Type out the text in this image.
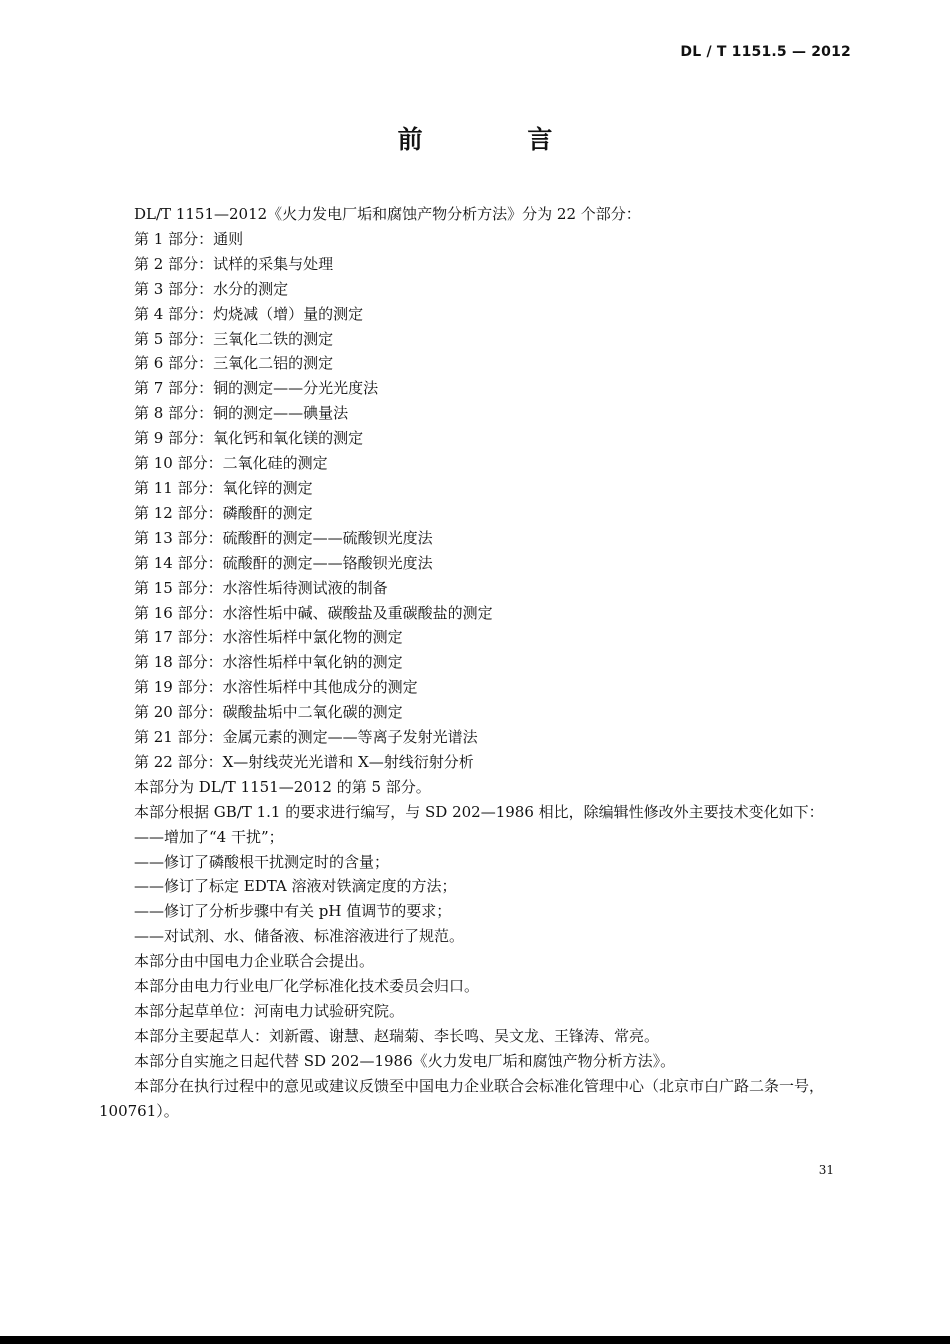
DL / T 1151.5 — 2012
前 言
DL/T 1151—2012《火力发电厂垢和腐蚀产物分析方法》分为 22 个部分：
第 1 部分：通则
第 2 部分：试样的采集与处理
第 3 部分：水分的测定
第 4 部分：灼烧减（增）量的测定
第 5 部分：三氧化二铁的测定
第 6 部分：三氧化二铝的测定
第 7 部分：铜的测定——分光光度法
第 8 部分：铜的测定——碘量法
第 9 部分：氧化钙和氧化镁的测定
第 10 部分：二氧化硅的测定
第 11 部分：氧化锌的测定
第 12 部分：磷酸酐的测定
第 13 部分：硫酸酐的测定——硫酸钡光度法
第 14 部分：硫酸酐的测定——铬酸钡光度法
第 15 部分：水溶性垢待测试液的制备
第 16 部分：水溶性垢中碱、碳酸盐及重碳酸盐的测定
第 17 部分：水溶性垢样中氯化物的测定
第 18 部分：水溶性垢样中氧化钠的测定
第 19 部分：水溶性垢样中其他成分的测定
第 20 部分：碳酸盐垢中二氧化碳的测定
第 21 部分：金属元素的测定——等离子发射光谱法
第 22 部分：X—射线荧光光谱和 X—射线衍射分析
本部分为 DL/T 1151—2012 的第 5 部分。
本部分根据 GB/T 1.1 的要求进行编写，与 SD 202—1986 相比，除编辑性修改外主要技术变化如下：
——增加了“4 干扰”；
——修订了磷酸根干扰测定时的含量；
——修订了标定 EDTA 溶液对铁滴定度的方法；
——修订了分析步骤中有关 pH 值调节的要求；
——对试剂、水、储备液、标准溶液进行了规范。
本部分由中国电力企业联合会提出。
本部分由电力行业电厂化学标准化技术委员会归口。
本部分起草单位：河南电力试验研究院。
本部分主要起草人：刘新霞、谢慧、赵瑞菊、李长鸣、吴文龙、王锋涛、常亮。
本部分自实施之日起代替 SD 202—1986《火力发电厂垢和腐蚀产物分析方法》。
本部分在执行过程中的意见或建议反馈至中国电力企业联合会标准化管理中心（北京市白广路二条一号，100761）。
31
